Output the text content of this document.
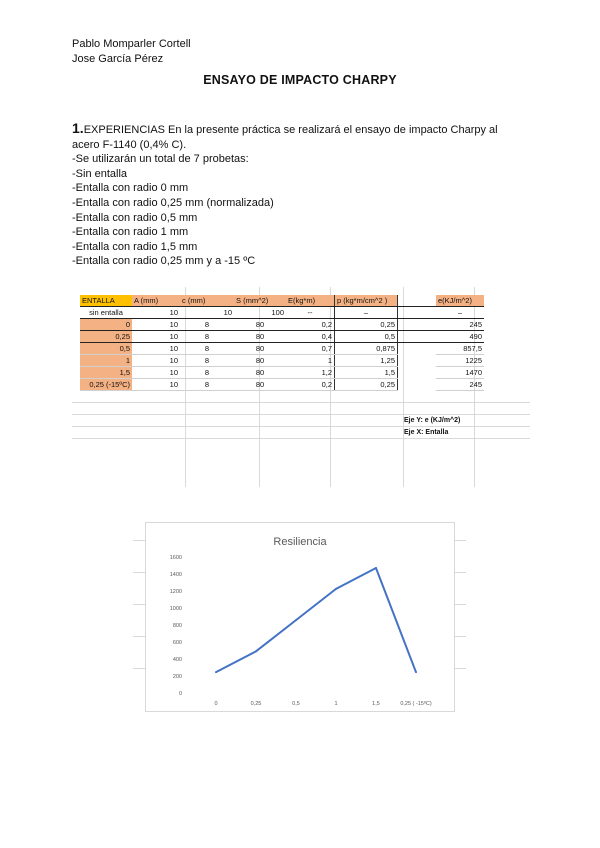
Pablo Momparler Cortell
Jose García Pérez
ENSAYO DE IMPACTO CHARPY
1.EXPERIENCIAS En la presente práctica se realizará el ensayo de impacto Charpy al
acero F-1140 (0,4% C).
-Se utilizarán un total de 7 probetas:
-Sin entalla
-Entalla con radio 0 mm
-Entalla con radio 0,25 mm (normalizada)
-Entalla con radio 0,5 mm
-Entalla con radio 1 mm
-Entalla con radio 1,5 mm
-Entalla con radio 0,25 mm y a -15 ºC
ENTALLA	A (mm)	c (mm)	S (mm^2)	E(kg*m)	p (kg*m/cm^2 )		e(KJ/m^2)
sin entalla	10	10	100	--	–		–
0	10	8	80	0,2	0,25		245
0,25	10	8	80	0,4	0,5		490
0,5	10	8	80	0,7	0,875		857,5
1	10	8	80	1	1,25		1225
1,5	10	8	80	1,2	1,5		1470
0,25 (-15ºC)	10	8	80	0,2	0,25		245
Eje Y: e (KJ/m^2)
Eje X: Entalla
Resiliencia
0
200
400
600
800
1000
1200
1400
1600
0	0,25	0,5	1	1,5	0,25 ( -15ºC)
